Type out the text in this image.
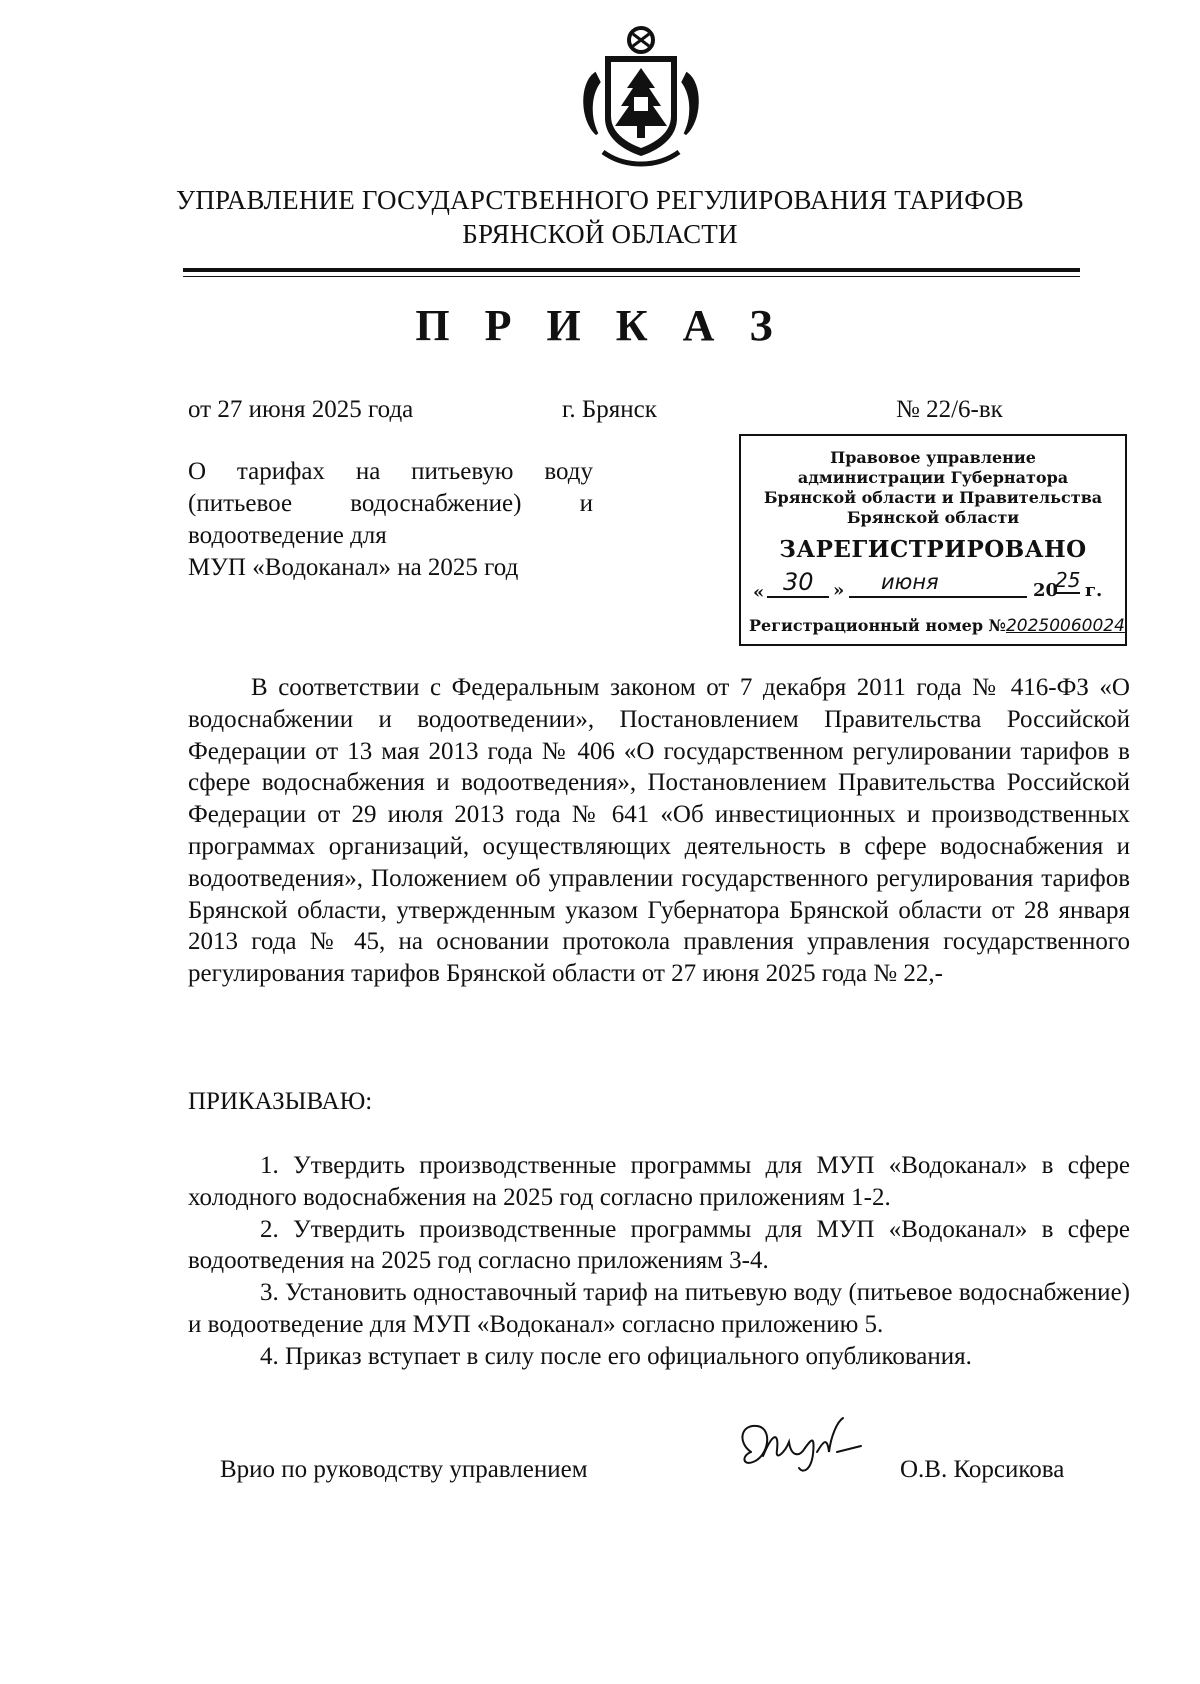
УПРАВЛЕНИЕ ГОСУДАРСТВЕННОГО РЕГУЛИРОВАНИЯ ТАРИФОВ
БРЯНСКОЙ ОБЛАСТИ
П Р И К А З
от 27 июня 2025 года	г. Брянск	№ 22/6-вк
О тарифах на питьевую воду
(питьевое водоснабжение) и
водоотведение для
МУП «Водоканал» на 2025 год
Правовое управление
администрации Губернатора
Брянской области и Правительства
Брянской области
ЗАРЕГИСТРИРОВАНО
« 30 » июня	20
25 г.
Регистрационный номер №20250060024

В соответствии с Федеральным законом от 7 декабря 2011 года № 416-ФЗ «О водоснабжении и водоотведении», Постановлением Правительства Российской Федерации от 13 мая 2013 года № 406 «О государственном регулировании тарифов в сфере водоснабжения и водоотведения», Постановлением Правительства Российской Федерации от 29 июля 2013 года № 641 «Об инвестиционных и производственных программах организаций, осуществляющих деятельность в сфере водоснабжения и водоотведения», Положением об управлении государственного регулирования тарифов Брянской области, утвержденным указом Губернатора Брянской области от 28 января 2013 года № 45, на основании протокола правления управления государственного регулирования тарифов Брянской области от 27 июня 2025 года № 22,-

ПРИКАЗЫВАЮ:

1. Утвердить производственные программы для МУП «Водоканал» в сфере холодного водоснабжения на 2025 год согласно приложениям 1-2.

2. Утвердить производственные программы для МУП «Водоканал» в сфере водоотведения на 2025 год согласно приложениям 3-4.

3. Установить одноставочный тариф на питьевую воду (питьевое водоснабжение) и водоотведение для МУП «Водоканал» согласно приложению 5.

4. Приказ вступает в силу после его официального опубликования.

Врио по руководству управлением	О.В. Корсикова
